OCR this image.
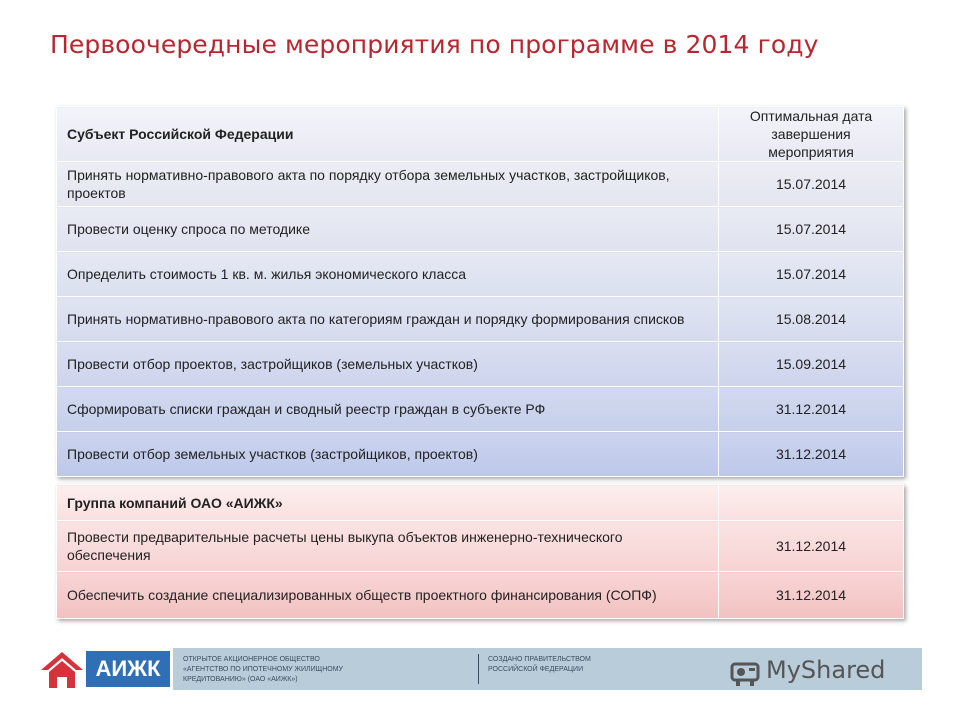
Первоочередные мероприятия по программе в 2014 году
Субъект Российской Федерации	Оптимальная дата завершения мероприятия
Принять нормативно-правового акта по порядку отбора земельных участков, застройщиков, проектов	15.07.2014
Провести оценку спроса по методике	15.07.2014
Определить стоимость 1 кв. м. жилья экономического класса	15.07.2014
Принять нормативно-правового акта по категориям граждан и порядку формирования списков	15.08.2014
Провести отбор проектов, застройщиков (земельных участков)	15.09.2014
Сформировать списки граждан и сводный реестр граждан в субъекте РФ	31.12.2014
Провести отбор земельных участков (застройщиков, проектов)	31.12.2014
Группа компаний ОАО «АИЖК»	
Провести предварительные расчеты цены выкупа объектов инженерно-технического обеспечения	31.12.2014
Обеспечить создание специализированных обществ проектного финансирования (СОПФ)	31.12.2014
АИЖК	ОТКРЫТОЕ АКЦИОНЕРНОЕ ОБЩЕСТВО
«АГЕНТСТВО ПО ИПОТЕЧНОМУ ЖИЛИЩНОМУ
КРЕДИТОВАНИЮ» (ОАО «АИЖК»)
СОЗДАНО ПРАВИТЕЛЬСТВОМ
РОССИЙСКОЙ ФЕДЕРАЦИИ	MyShared
